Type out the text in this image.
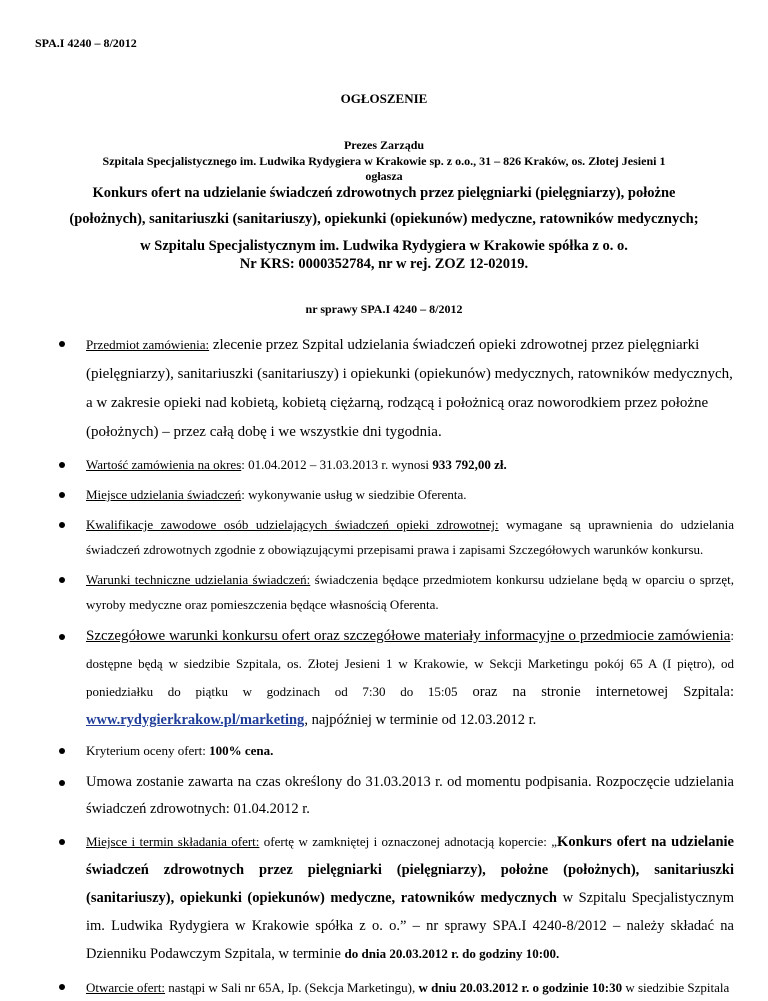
SPA.I 4240 – 8/2012

OGŁOSZENIE

Prezes Zarządu

Szpitala Specjalistycznego im. Ludwika Rydygiera w Krakowie sp. z o.o., 31 – 826 Kraków, os. Złotej Jesieni 1

ogłasza

Konkurs ofert na udzielanie świadczeń zdrowotnych przez pielęgniarki (pielęgniarzy), położne

(położnych), sanitariuszki (sanitariuszy), opiekunki (opiekunów) medyczne, ratowników medycznych;

w Szpitalu Specjalistycznym im. Ludwika Rydygiera w Krakowie spółka z o. o.

Nr KRS: 0000352784, nr w rej. ZOZ 12-02019.

nr sprawy SPA.I 4240 – 8/2012

Przedmiot zamówienia: zlecenie przez Szpital udzielania świadczeń opieki zdrowotnej przez pielęgniarki (pielęgniarzy), sanitariuszki (sanitariuszy) i opiekunki (opiekunów) medycznych, ratowników medycznych, a w zakresie opieki nad kobietą, kobietą ciężarną, rodzącą i położnicą oraz noworodkiem przez położne (położnych) – przez całą dobę i we wszystkie dni tygodnia.

Wartość zamówienia na okres: 01.04.2012 – 31.03.2013 r. wynosi 933 792,00 zł.

Miejsce udzielania świadczeń: wykonywanie usług w siedzibie Oferenta.

Kwalifikacje zawodowe osób udzielających świadczeń opieki zdrowotnej: wymagane są uprawnienia do udzielania świadczeń zdrowotnych zgodnie z obowiązującymi przepisami prawa i zapisami Szczegółowych warunków konkursu.

Warunki techniczne udzielania świadczeń: świadczenia będące przedmiotem konkursu udzielane będą w oparciu o sprzęt, wyroby medyczne oraz pomieszczenia będące własnością Oferenta.

Szczegółowe warunki konkursu ofert oraz szczegółowe materiały informacyjne o przedmiocie zamówienia: dostępne będą w siedzibie Szpitala, os. Złotej Jesieni 1 w Krakowie, w Sekcji Marketingu pokój 65 A (I piętro), od poniedziałku do piątku w godzinach od 7:30 do 15:05 oraz na stronie internetowej Szpitala: www.rydygierkrakow.pl/marketing, najpóźniej w terminie od 12.03.2012 r.

Kryterium oceny ofert: 100% cena.

Umowa zostanie zawarta na czas określony do 31.03.2013 r. od momentu podpisania. Rozpoczęcie udzielania świadczeń zdrowotnych: 01.04.2012 r.

Miejsce i termin składania ofert: ofertę w zamkniętej i oznaczonej adnotacją kopercie: „Konkurs ofert na udzielanie świadczeń zdrowotnych przez pielęgniarki (pielęgniarzy), położne (położnych), sanitariuszki (sanitariuszy), opiekunki (opiekunów) medyczne, ratowników medycznych w Szpitalu Specjalistycznym im. Ludwika Rydygiera w Krakowie spółka z o. o.” – nr sprawy SPA.I 4240-8/2012 – należy składać na Dzienniku Podawczym Szpitala, w terminie do dnia 20.03.2012 r. do godziny 10:00.

Otwarcie ofert: nastąpi w Sali nr 65A, Ip. (Sekcja Marketingu), w dniu 20.03.2012 r. o godzinie 10:30 w siedzibie Szpitala
